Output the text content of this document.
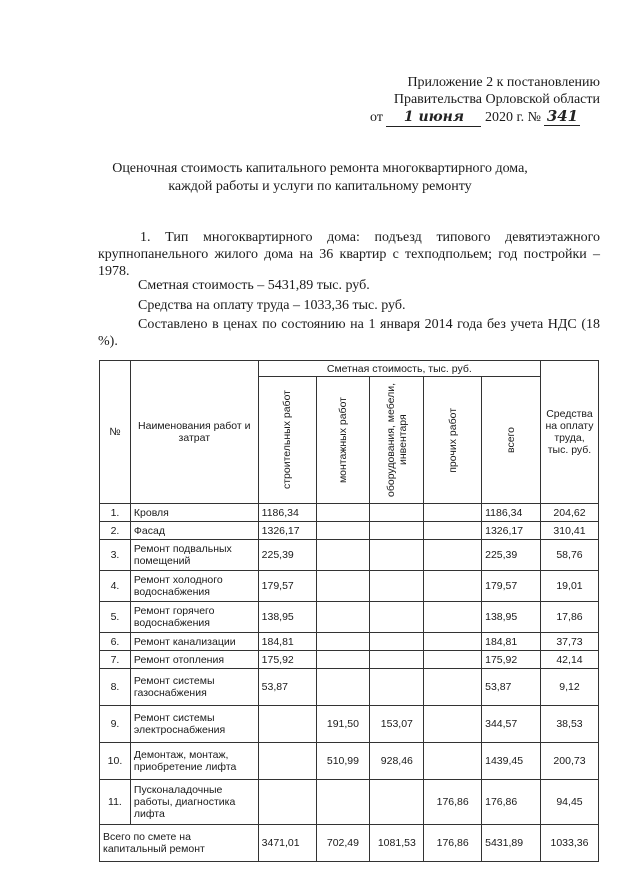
Приложение 2 к постановлению
Правительства Орловской области
от 1 июня 2020 г. № 341
Оценочная стоимость капитального ремонта многоквартирного дома, каждой работы и услуги по капитальному ремонту
1. Тип многоквартирного дома: подъезд типового девятиэтажного крупнопанельного жилого дома на 36 квартир с техподпольем; год постройки – 1978.
Сметная стоимость – 5431,89 тыс. руб.
Средства на оплату труда – 1033,36 тыс. руб.
Составлено в ценах по состоянию на 1 января 2014 года без учета НДС (18 %).
№	Наименования работ и затрат	Сметная стоимость, тыс. руб.					Средства на оплату труда, тыс. руб.

		строительных работ	монтажных работ	оборудования, мебели, инвентаря	прочих работ	всего	

1.	Кровля	1186,34				1186,34	204,62
2.	Фасад	1326,17				1326,17	310,41
3.	Ремонт подвальных помещений	225,39				225,39	58,76
4.	Ремонт холодного водоснабжения	179,57				179,57	19,01
5.	Ремонт горячего водоснабжения	138,95				138,95	17,86
6.	Ремонт канализации	184,81				184,81	37,73
7.	Ремонт отопления	175,92				175,92	42,14
8.	Ремонт системы газоснабжения	53,87				53,87	9,12
9.	Ремонт системы электроснабжения		191,50	153,07		344,57	38,53
10.	Демонтаж, монтаж, приобретение лифта		510,99	928,46		1439,45	200,73
11.	Пусконаладочные работы, диагностика лифта				176,86	176,86	94,45
Всего по смете на капитальный ремонт		3471,01	702,49	1081,53	176,86	5431,89	1033,36
